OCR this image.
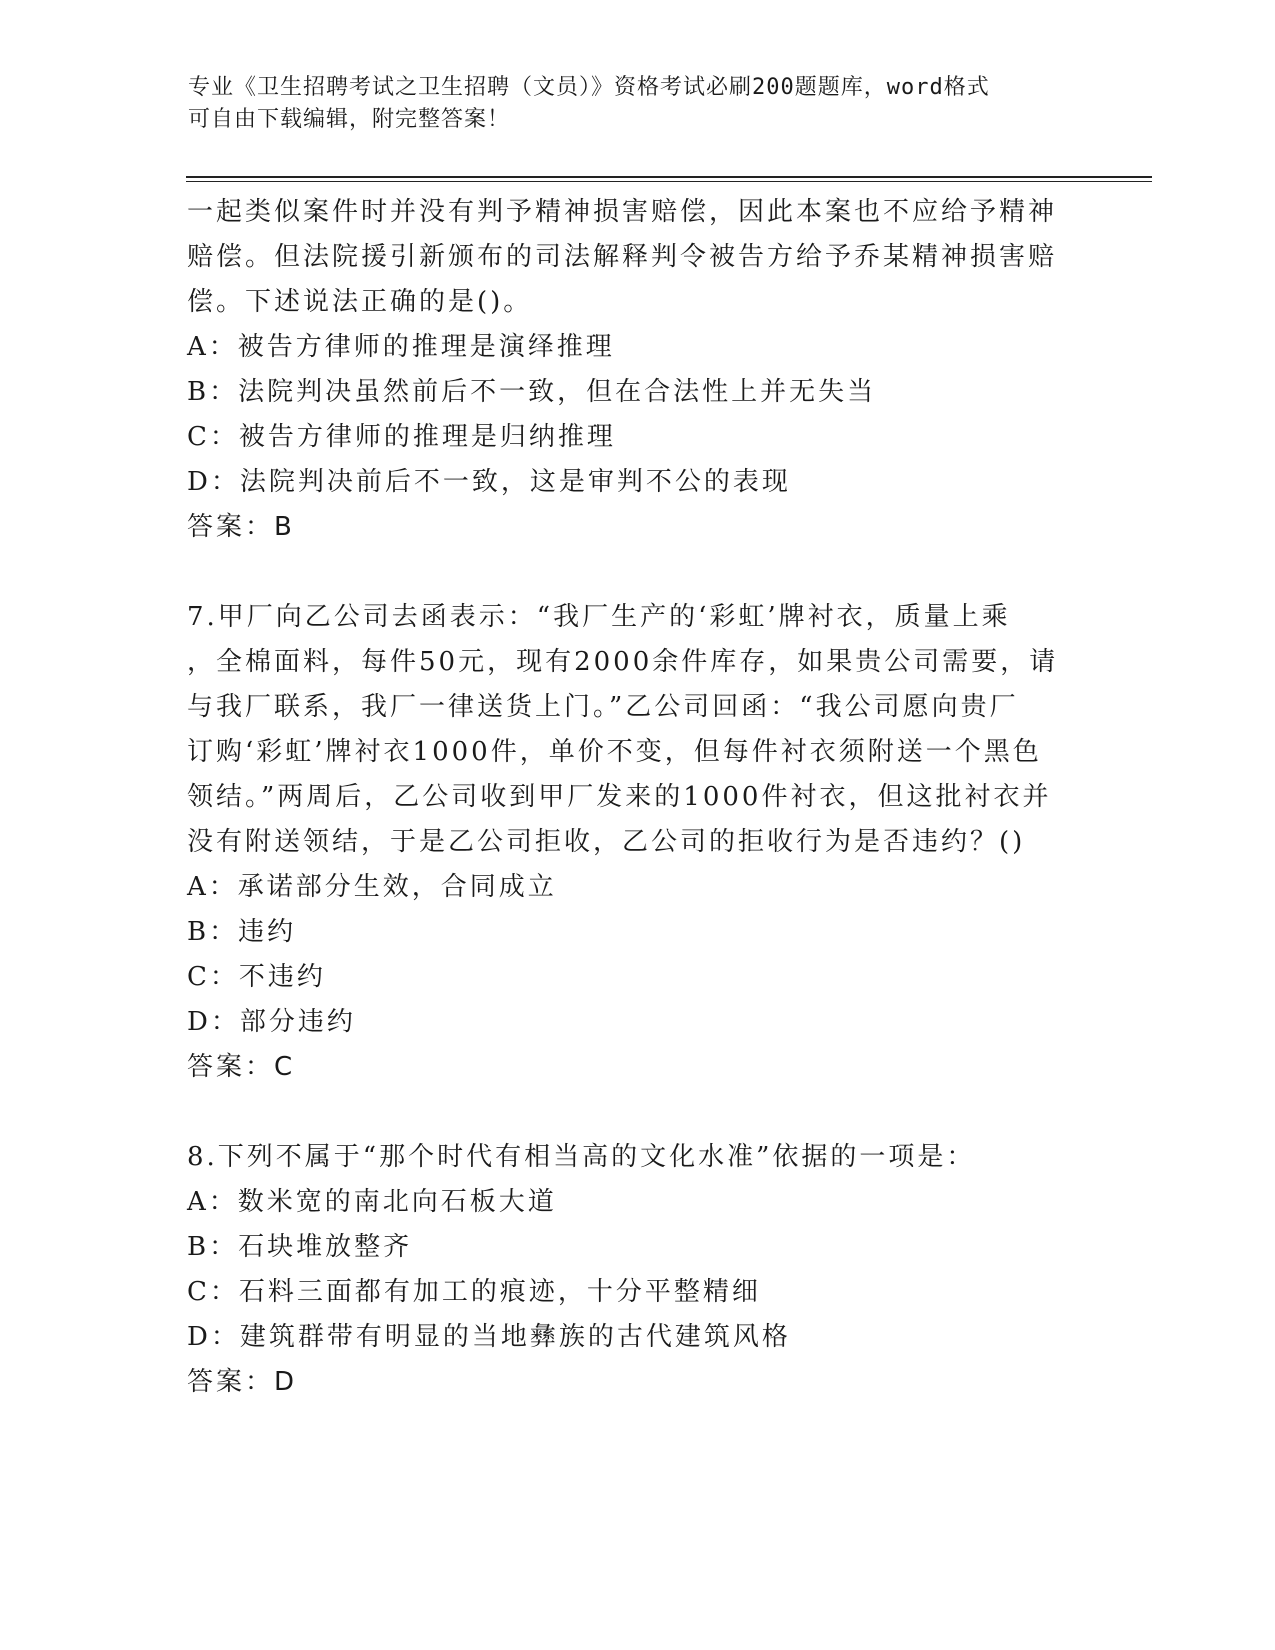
专业《卫生招聘考试之卫生招聘（文员）》资格考试必刷200题题库，word格式
可自由下载编辑，附完整答案！
一起类似案件时并没有判予精神损害赔偿，因此本案也不应给予精神
赔偿。但法院援引新颁布的司法解释判令被告方给予乔某精神损害赔
偿。下述说法正确的是()。
A：被告方律师的推理是演绎推理
B：法院判决虽然前后不一致，但在合法性上并无失当
C：被告方律师的推理是归纳推理
D：法院判决前后不一致，这是审判不公的表现
答案：B
7.甲厂向乙公司去函表示：“我厂生产的‘彩虹’牌衬衣，质量上乘
，全棉面料，每件50元，现有2000余件库存，如果贵公司需要，请
与我厂联系，我厂一律送货上门。”乙公司回函：“我公司愿向贵厂
订购‘彩虹’牌衬衣1000件，单价不变，但每件衬衣须附送一个黑色
领结。”两周后，乙公司收到甲厂发来的1000件衬衣，但这批衬衣并
没有附送领结，于是乙公司拒收，乙公司的拒收行为是否违约？()
A：承诺部分生效，合同成立
B：违约
C：不违约
D：部分违约
答案：C
8.下列不属于“那个时代有相当高的文化水准”依据的一项是：
A：数米宽的南北向石板大道
B：石块堆放整齐
C：石料三面都有加工的痕迹，十分平整精细
D：建筑群带有明显的当地彝族的古代建筑风格
答案：D
